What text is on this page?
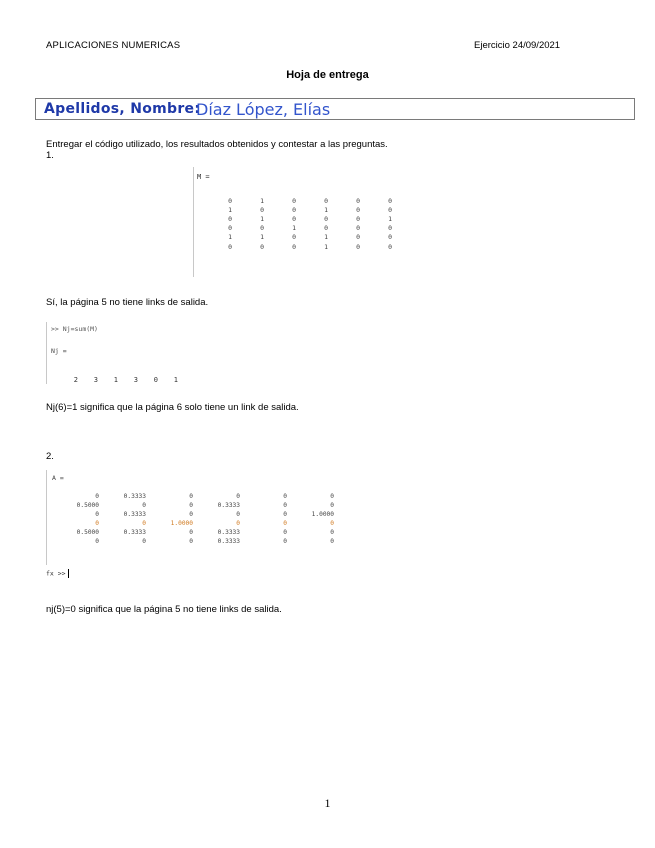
APLICACIONES NUMERICAS	Ejercicio 24/09/2021
Hoja de entrega
Apellidos, Nombre:
Díaz López, Elías
Entregar el código utilizado, los resultados obtenidos y contestar a las preguntas.
1.
M =
0	1	0	0	0	0
1	0	0	1	0	0
0	1	0	0	0	1
0	0	1	0	0	0
1	1	0	1	0	0
0	0	0	1	0	0
Sí, la página 5 no tiene links de salida.
>> Nj=sum(M)
Nj =
2 3 1 3 0 1
Nj(6)=1 significa que la página 6 solo tiene un link de salida.
2.
A =
0	0.3333	0	0	0	0
0.5000	0	0	0.3333	0	0
0	0.3333	0	0	0	1.0000
0	0	1.0000	0	0	0
0.5000	0.3333	0	0.3333	0	0
0	0	0	0.3333	0	0
fx >>
nj(5)=0 significa que la página 5 no tiene links de salida.
1
